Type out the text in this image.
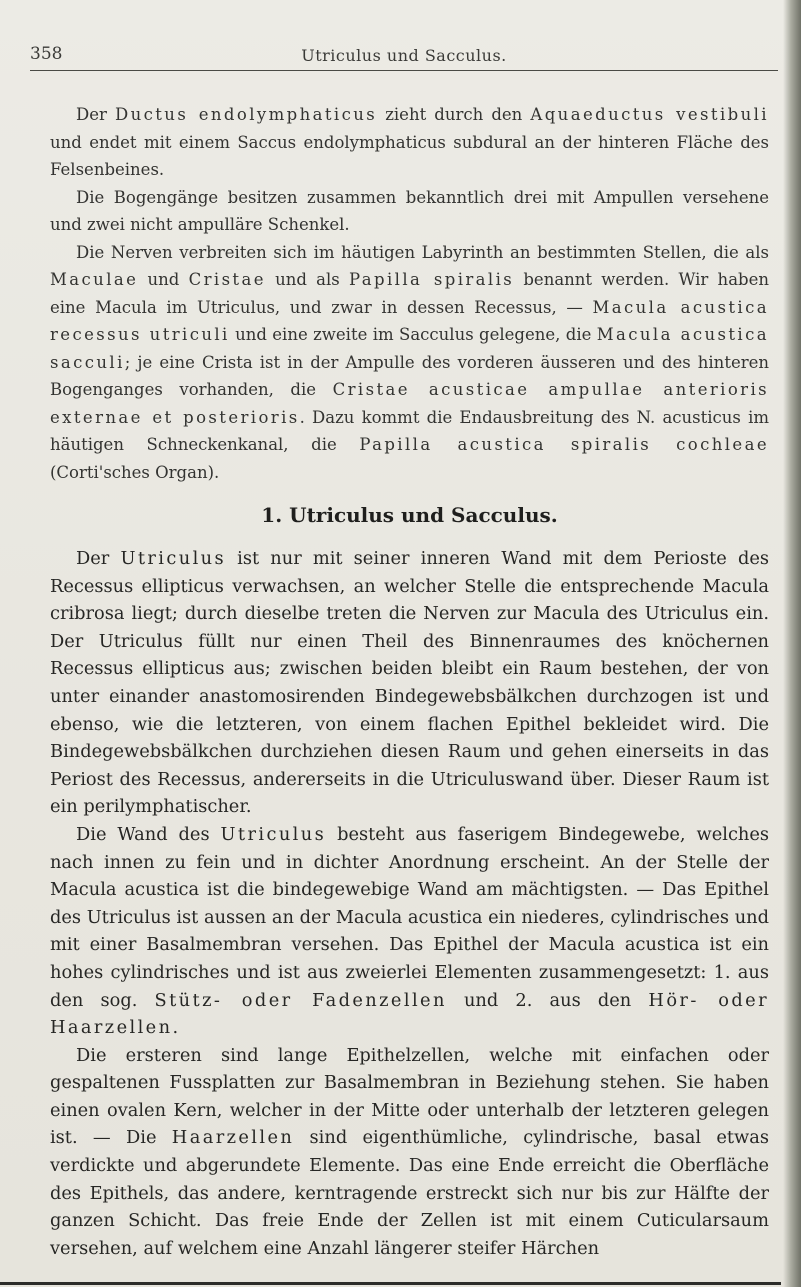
358	Utriculus und Sacculus.

Der Ductus endolymphaticus zieht durch den Aquaeductus vestibuli und endet mit einem Saccus endolymphaticus subdural an der hinteren Fläche des Felsenbeines.

Die Bogengänge besitzen zusammen bekanntlich drei mit Ampullen versehene und zwei nicht ampulläre Schenkel.

Die Nerven verbreiten sich im häutigen Labyrinth an bestimmten Stellen, die als Maculae und Cristae und als Papilla spiralis benannt werden. Wir haben eine Macula im Utriculus, und zwar in dessen Recessus, — Macula acustica recessus utriculi und eine zweite im Sacculus gelegene, die Macula acustica sacculi; je eine Crista ist in der Ampulle des vorderen äusseren und des hinteren Bogenganges vorhanden, die Cristae acusticae ampullae anterioris externae et posterioris. Dazu kommt die Endausbreitung des N. acusticus im häutigen Schneckenkanal, die Papilla acustica spiralis cochleae (Corti'sches Organ).

1. Utriculus und Sacculus.

Der Utriculus ist nur mit seiner inneren Wand mit dem Perioste des Recessus ellipticus verwachsen, an welcher Stelle die entsprechende Macula cribrosa liegt; durch dieselbe treten die Nerven zur Macula des Utriculus ein. Der Utriculus füllt nur einen Theil des Binnenraumes des knöchernen Recessus ellipticus aus; zwischen beiden bleibt ein Raum bestehen, der von unter einander anastomosirenden Bindegewebsbälkchen durchzogen ist und ebenso, wie die letzteren, von einem flachen Epithel bekleidet wird. Die Bindegewebsbälkchen durchziehen diesen Raum und gehen einerseits in das Periost des Recessus, andererseits in die Utriculuswand über. Dieser Raum ist ein perilymphatischer.

Die Wand des Utriculus besteht aus faserigem Bindegewebe, welches nach innen zu fein und in dichter Anordnung erscheint. An der Stelle der Macula acustica ist die bindegewebige Wand am mächtigsten. — Das Epithel des Utriculus ist aussen an der Macula acustica ein niederes, cylindrisches und mit einer Basalmembran versehen. Das Epithel der Macula acustica ist ein hohes cylindrisches und ist aus zweierlei Elementen zusammengesetzt: 1. aus den sog. Stütz- oder Fadenzellen und 2. aus den Hör- oder Haarzellen.

Die ersteren sind lange Epithelzellen, welche mit einfachen oder gespaltenen Fussplatten zur Basalmembran in Beziehung stehen. Sie haben einen ovalen Kern, welcher in der Mitte oder unterhalb der letzteren gelegen ist. — Die Haarzellen sind eigenthümliche, cylindrische, basal etwas verdickte und abgerundete Elemente. Das eine Ende erreicht die Oberfläche des Epithels, das andere, kerntragende erstreckt sich nur bis zur Hälfte der ganzen Schicht. Das freie Ende der Zellen ist mit einem Cuticularsaum versehen, auf welchem eine Anzahl längerer steifer Härchen
